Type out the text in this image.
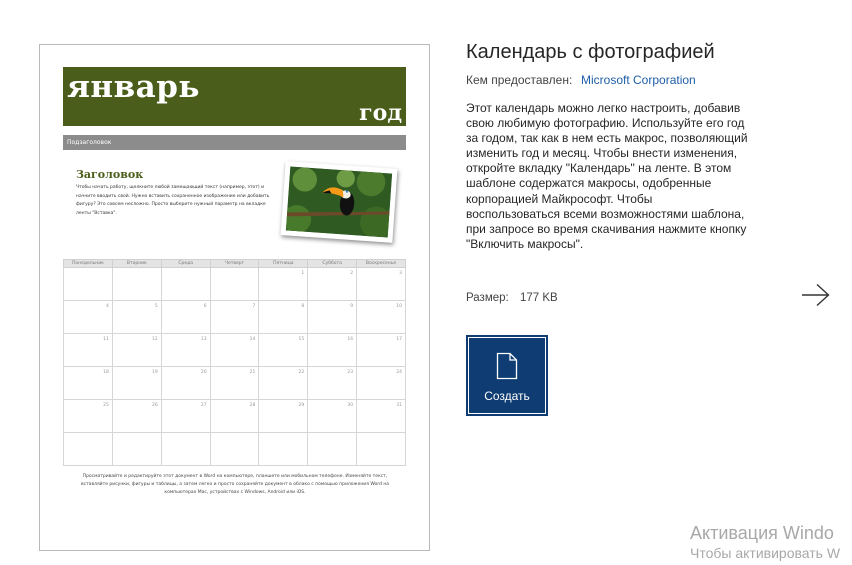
январь
год
Подзаголовок
Заголовок
Чтобы начать работу, щелкните любой замещающий текст (например, этот) и начните вводить свой. Нужно вставить сохраненное изображение или добавить фигуру? Это совсем несложно. Просто выберите нужный параметр на вкладке ленты "Вставка".
Понедельник	Вторник	Среда	Четверг	Пятница	Суббота	Воскресенье
				1	2	3
4	5	6	7	8	9	10
11	12	13	14	15	16	17
18	19	20	21	22	23	24
25	26	27	28	29	30	31

Просматривайте и редактируйте этот документ в Word на компьютере, планшете или мобильном телефоне. Изменяйте текст, вставляйте рисунки, фигуры и таблицы, а затем легко и просто сохраняйте документ в облако с помощью приложения Word на компьютерах Mac, устройствах с Windows, Android или iOS.
Календарь с фотографией
Кем предоставлен: Microsoft Corporation
Этот календарь можно легко настроить, добавив свою любимую фотографию. Используйте его год за годом, так как в нем есть макрос, позволяющий изменить год и месяц. Чтобы внести изменения, откройте вкладку "Календарь" на ленте. В этом шаблоне содержатся макросы, одобренные корпорацией Майкрософт. Чтобы воспользоваться всеми возможностями шаблона, при запросе во время скачивания нажмите кнопку "Включить макросы".
Размер: 177 KB
Создать
Активация Windo
Чтобы активировать W
